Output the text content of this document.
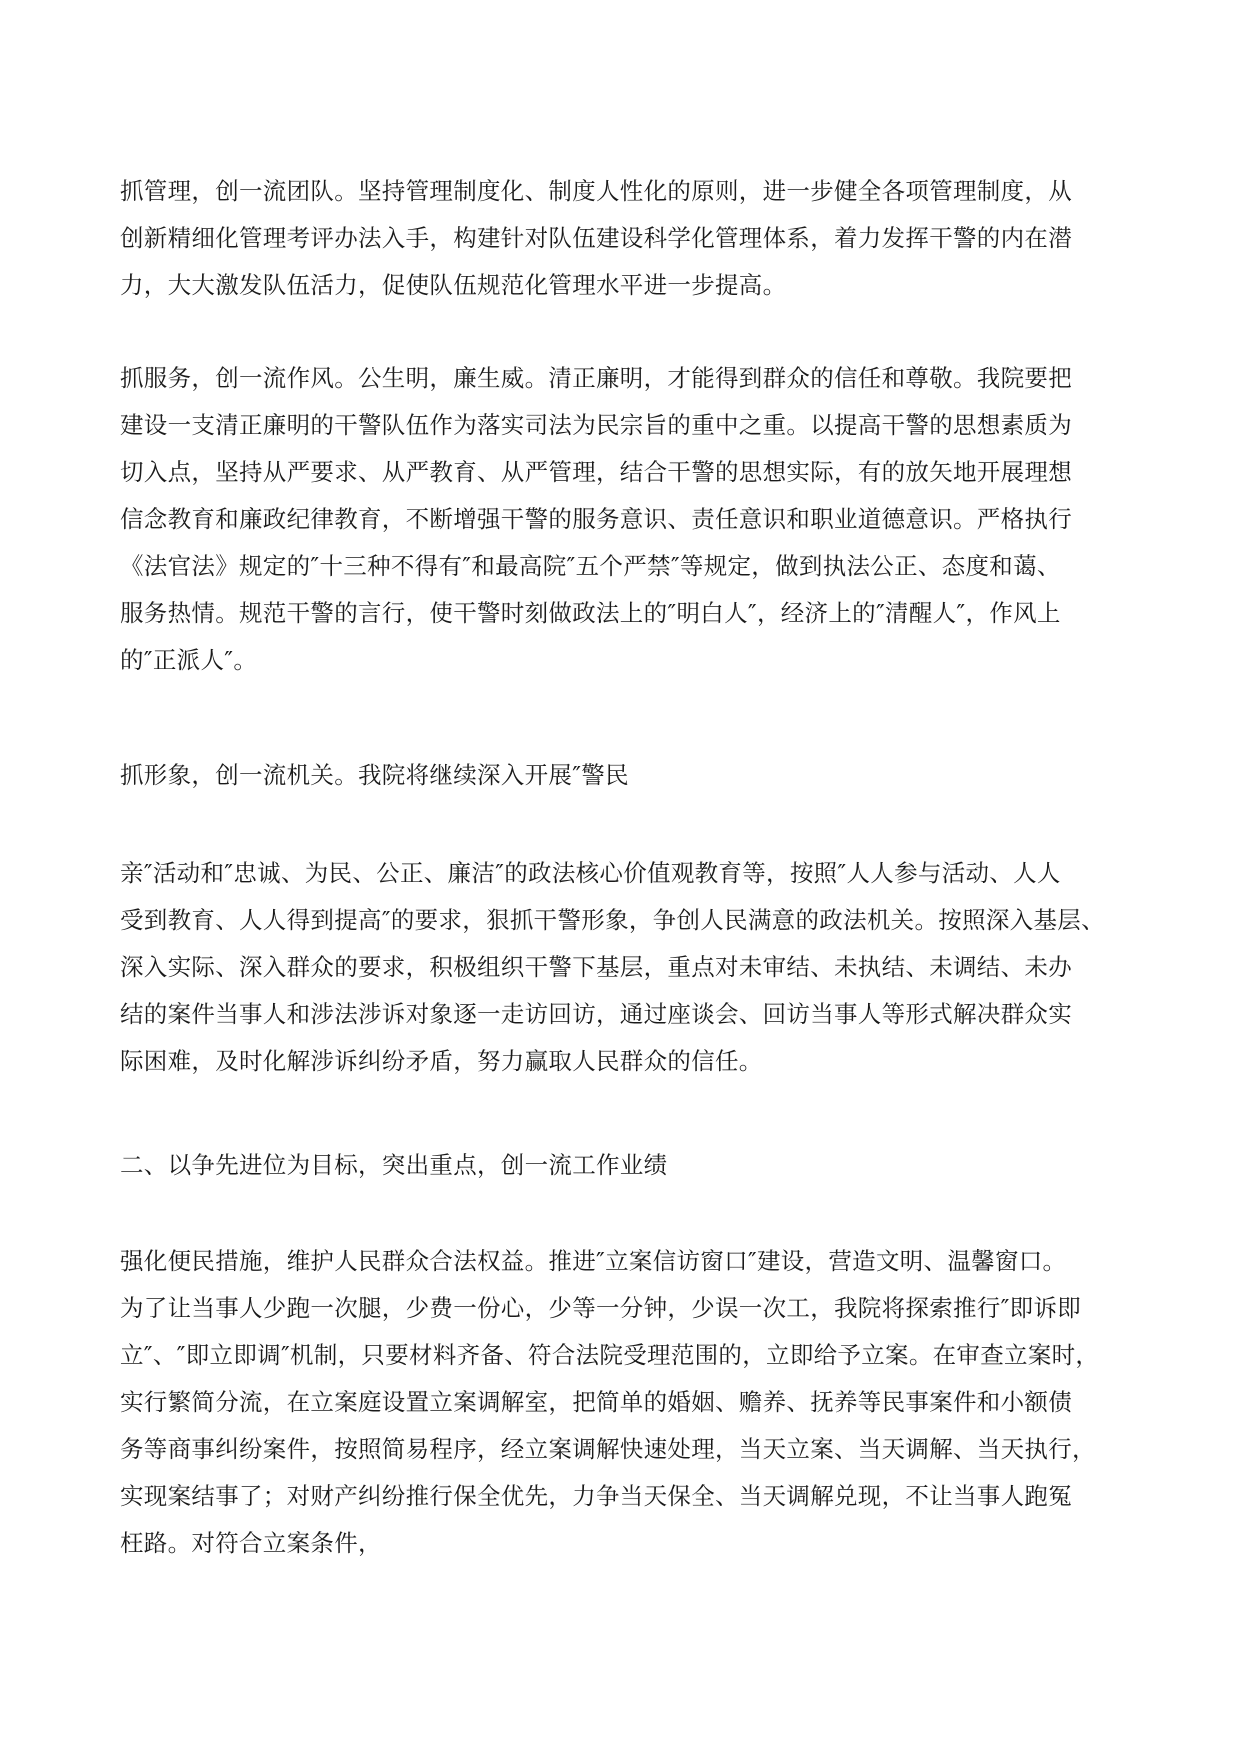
抓管理，创一流团队。坚持管理制度化、制度人性化的原则，进一步健全各项管理制度，从
创新精细化管理考评办法入手，构建针对队伍建设科学化管理体系，着力发挥干警的内在潜
力，大大激发队伍活力，促使队伍规范化管理水平进一步提高。

抓服务，创一流作风。公生明，廉生威。清正廉明，才能得到群众的信任和尊敬。我院要把
建设一支清正廉明的干警队伍作为落实司法为民宗旨的重中之重。以提高干警的思想素质为
切入点，坚持从严要求、从严教育、从严管理，结合干警的思想实际，有的放矢地开展理想
信念教育和廉政纪律教育，不断增强干警的服务意识、责任意识和职业道德意识。严格执行
《法官法》规定的″十三种不得有″和最高院″五个严禁″等规定，做到执法公正、态度和蔼、
服务热情。规范干警的言行，使干警时刻做政法上的″明白人″，经济上的″清醒人″，作风上
的″正派人″。

抓形象，创一流机关。我院将继续深入开展″警民

亲″活动和″忠诚、为民、公正、廉洁″的政法核心价值观教育等，按照″人人参与活动、人人
受到教育、人人得到提高″的要求，狠抓干警形象，争创人民满意的政法机关。按照深入基层、
深入实际、深入群众的要求，积极组织干警下基层，重点对未审结、未执结、未调结、未办
结的案件当事人和涉法涉诉对象逐一走访回访，通过座谈会、回访当事人等形式解决群众实
际困难，及时化解涉诉纠纷矛盾，努力赢取人民群众的信任。

二、以争先进位为目标，突出重点，创一流工作业绩

强化便民措施，维护人民群众合法权益。推进″立案信访窗口″建设，营造文明、温馨窗口。
为了让当事人少跑一次腿，少费一份心，少等一分钟，少误一次工，我院将探索推行″即诉即
立″、″即立即调″机制，只要材料齐备、符合法院受理范围的，立即给予立案。在审查立案时，
实行繁简分流，在立案庭设置立案调解室，把简单的婚姻、赡养、抚养等民事案件和小额债
务等商事纠纷案件，按照简易程序，经立案调解快速处理，当天立案、当天调解、当天执行，
实现案结事了；对财产纠纷推行保全优先，力争当天保全、当天调解兑现，不让当事人跑冤
枉路。对符合立案条件，
